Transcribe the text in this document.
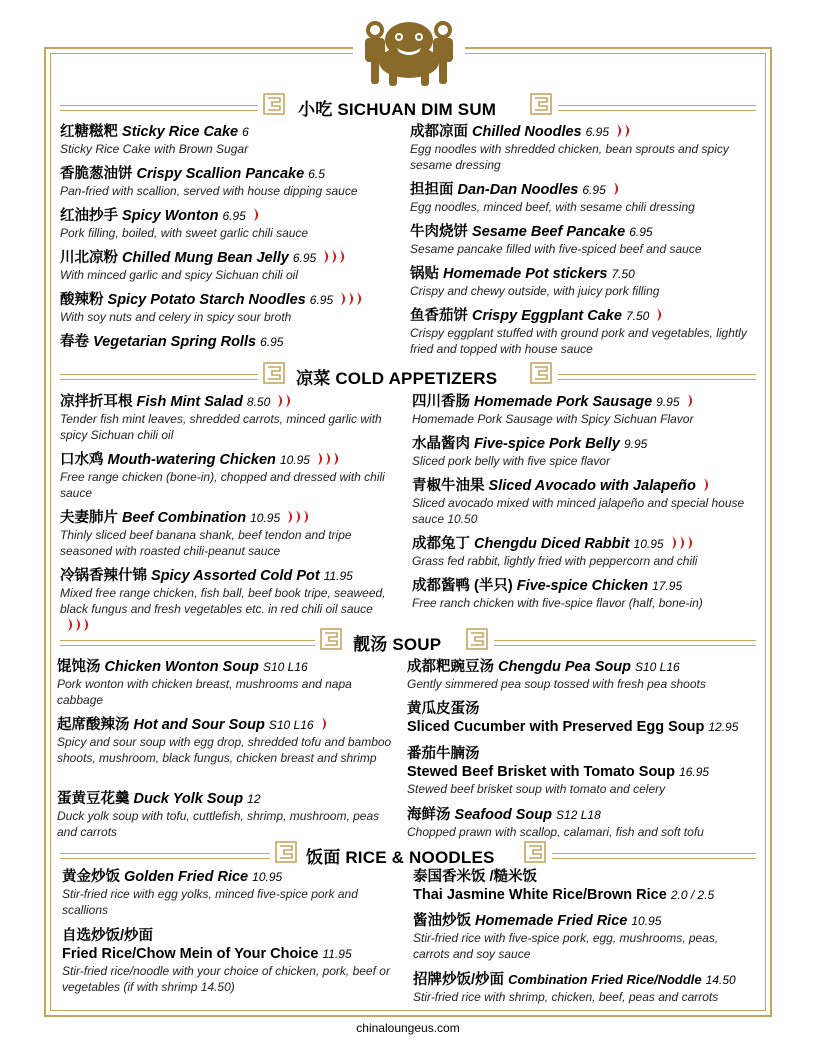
小吃 SICHUAN DIM SUM
凉菜 COLD APPETIZERS
靓汤 SOUP
饭面 RICE & NOODLES
红糖糍粑 Sticky Rice Cake 6
Sticky Rice Cake with Brown Sugar
香脆葱油饼 Crispy Scallion Pancake 6.5
Pan-fried with scallion, served with house dipping sauce
红油抄手 Spicy Wonton 6.95
Pork filling, boiled, with sweet garlic chili sauce
川北凉粉 Chilled Mung Bean Jelly 6.95
With minced garlic and spicy Sichuan chili oil
酸辣粉 Spicy Potato Starch Noodles 6.95
With soy nuts and celery in spicy sour broth
春卷 Vegetarian Spring Rolls 6.95
成都凉面 Chilled Noodles 6.95
Egg noodles with shredded chicken, bean sprouts and spicy sesame dressing
担担面 Dan-Dan Noodles 6.95
Egg noodles, minced beef, with sesame chili dressing
牛肉烧饼 Sesame Beef Pancake 6.95
Sesame pancake filled with five-spiced beef and sauce
锅贴 Homemade Pot stickers 7.50
Crispy and chewy outside, with juicy pork filling
鱼香茄饼 Crispy Eggplant Cake 7.50
Crispy eggplant stuffed with ground pork and vegetables, lightly fried and topped with house sauce
凉拌折耳根 Fish Mint Salad 8.50
Tender fish mint leaves, shredded carrots, minced garlic with spicy Sichuan chili oil
口水鸡 Mouth-watering Chicken 10.95
Free range chicken (bone-in), chopped and dressed with chili sauce
夫妻肺片 Beef Combination 10.95
Thinly sliced beef banana shank, beef tendon and tripe seasoned with roasted chili-peanut sauce
冷锅香辣什锦 Spicy Assorted Cold Pot 11.95
Mixed free range chicken, fish ball, beef book tripe, seaweed, black fungus and fresh vegetables etc. in red chili oil sauce
四川香肠 Homemade Pork Sausage 9.95
Homemade Pork Sausage with Spicy Sichuan Flavor
水晶酱肉 Five-spice Pork Belly 9.95
Sliced pork belly with five spice flavor
青椒牛油果 Sliced Avocado with Jalapeño
Sliced avocado mixed with minced jalapeño and special house sauce 10.50
成都兔丁 Chengdu Diced Rabbit 10.95
Grass fed rabbit, lightly fried with peppercorn and chili
成都酱鸭 (半只) Five-spice Chicken 17.95
Free ranch chicken with five-spice flavor (half, bone-in)
馄饨汤 Chicken Wonton Soup S10 L16
Pork wonton with chicken breast, mushrooms and napa cabbage
起席酸辣汤 Hot and Sour Soup S10 L16
Spicy and sour soup with egg drop, shredded tofu and bamboo shoots, mushroom, black fungus, chicken breast and shrimp
蛋黄豆花羹 Duck Yolk Soup 12
Duck yolk soup with tofu, cuttlefish, shrimp, mushroom, peas and carrots
成都粑豌豆汤 Chengdu Pea Soup S10 L16
Gently simmered pea soup tossed with fresh pea shoots
黄瓜皮蛋汤
Sliced Cucumber with Preserved Egg Soup 12.95
番茄牛腩汤
Stewed Beef Brisket with Tomato Soup 16.95
Stewed beef brisket soup with tomato and celery
海鲜汤 Seafood Soup S12 L18
Chopped prawn with scallop, calamari, fish and soft tofu
黄金炒饭 Golden Fried Rice 10.95
Stir-fried rice with egg yolks, minced five-spice pork and scallions
自选炒饭/炒面
Fried Rice/Chow Mein of Your Choice 11.95
Stir-fried rice/noodle with your choice of chicken, pork, beef or vegetables (if with shrimp 14.50)
泰国香米饭 /糙米饭
Thai Jasmine White Rice/Brown Rice 2.0 / 2.5
酱油炒饭 Homemade Fried Rice 10.95
Stir-fried rice with five-spice pork, egg, mushrooms, peas, carrots and soy sauce
招牌炒饭/炒面 Combination Fried Rice/Noddle 14.50
Stir-fried rice with shrimp, chicken, beef, peas and carrots
chinaloungeus.com
